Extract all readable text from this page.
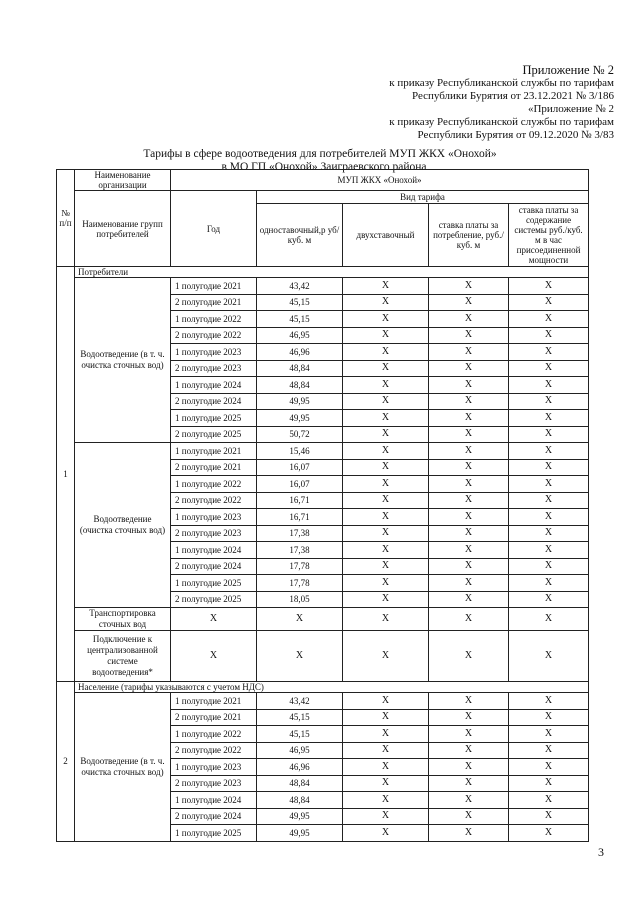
Приложение № 2
к приказу Республиканской службы по тарифам
Республики Бурятия от 23.12.2021 № 3/186
«Приложение № 2
к приказу Республиканской службы по тарифам
Республики Бурятия от 09.12.2020 № 3/83
Тарифы в сфере водоотведения для потребителей МУП ЖКХ «Онохой»
в МО ГП «Онохой» Заиграевского района
№ п/п	Наименование организации	МУП ЖКХ «Онохой»				
	Наименование групп потребителей	Год	Вид тарифа			
			одноставочный,р уб/ куб. м	двухставочный	ставка платы за потребление, руб./ куб. м	ставка платы за содержание системы руб./куб. м в час присоединенной мощности
1	Потребители					
	Водоотведение (в т. ч. очистка сточных вод)	1 полугодие 2021	43,42	X	X	X
		2 полугодие 2021	45,15	X	X	X
		1 полугодие 2022	45,15	X	X	X
		2 полугодие 2022	46,95	X	X	X
		1 полугодие 2023	46,96	X	X	X
		2 полугодие 2023	48,84	X	X	X
		1 полугодие 2024	48,84	X	X	X
		2 полугодие 2024	49,95	X	X	X
		1 полугодие 2025	49,95	X	X	X
		2 полугодие 2025	50,72	X	X	X
	Водоотведение (очистка сточных вод)	1 полугодие 2021	15,46	X	X	X
		2 полугодие 2021	16,07	X	X	X
		1 полугодие 2022	16,07	X	X	X
		2 полугодие 2022	16,71	X	X	X
		1 полугодие 2023	16,71	X	X	X
		2 полугодие 2023	17,38	X	X	X
		1 полугодие 2024	17,38	X	X	X
		2 полугодие 2024	17,78	X	X	X
		1 полугодие 2025	17,78	X	X	X
		2 полугодие 2025	18,05	X	X	X
	Транспортировка сточных вод	X	X	X	X	X
	Подключение к централизованной системе водоотведения*	X	X	X	X	X
2	Население (тарифы указываются с учетом НДС)					
	Водоотведение (в т. ч. очистка сточных вод)	1 полугодие 2021	43,42	X	X	X
		2 полугодие 2021	45,15	X	X	X
		1 полугодие 2022	45,15	X	X	X
		2 полугодие 2022	46,95	X	X	X
		1 полугодие 2023	46,96	X	X	X
		2 полугодие 2023	48,84	X	X	X
		1 полугодие 2024	48,84	X	X	X
		2 полугодие 2024	49,95	X	X	X
		1 полугодие 2025	49,95	X	X	X
3
